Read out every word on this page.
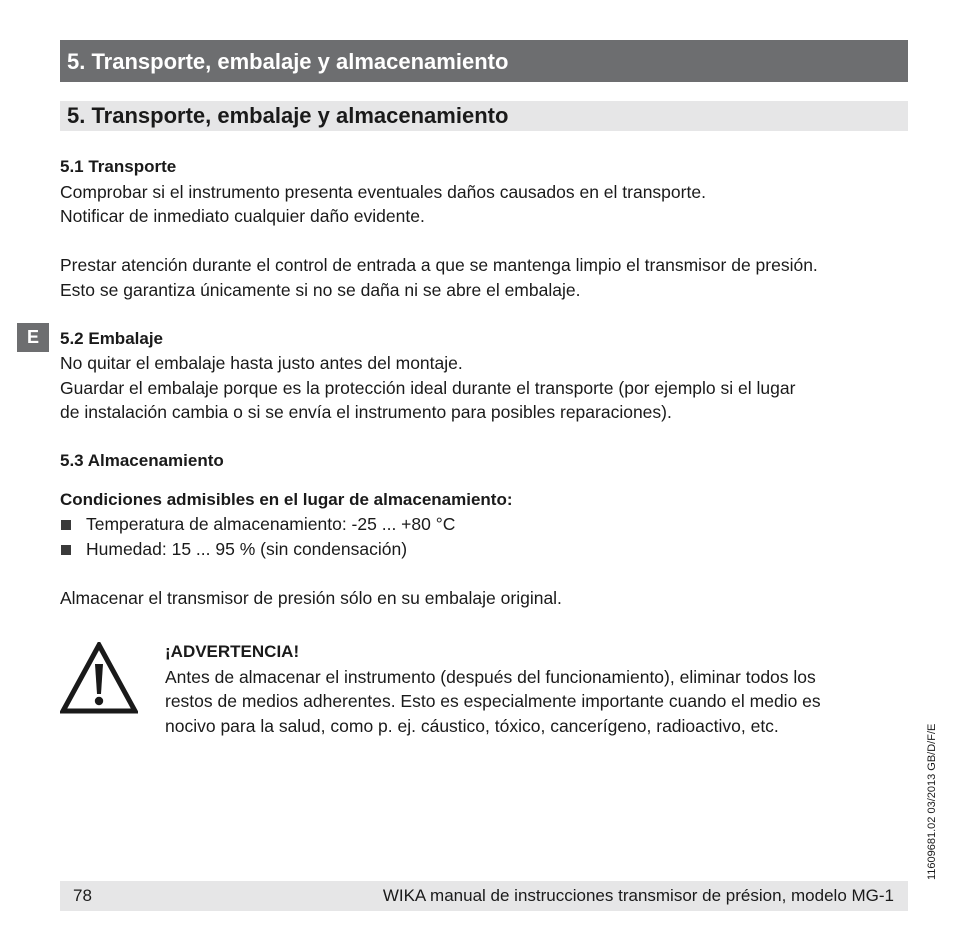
5. Transporte, embalaje y almacenamiento
5. Transporte, embalaje y almacenamiento
E

5.1 Transporte

Comprobar si el instrumento presenta eventuales daños causados en el transporte.

Notificar de inmediato cualquier daño evidente.

Prestar atención durante el control de entrada a que se mantenga limpio el transmisor de presión.

Esto se garantiza únicamente si no se daña ni se abre el embalaje.

5.2 Embalaje

No quitar el embalaje hasta justo antes del montaje.

Guardar el embalaje porque es la protección ideal durante el transporte (por ejemplo si el lugar

de instalación cambia o si se envía el instrumento para posibles reparaciones).

5.3 Almacenamiento

Condiciones admisibles en el lugar de almacenamiento:

Temperatura de almacenamiento: -25 ... +80 °C
Humedad: 15 ... 95 % (sin condensación)

Almacenar el transmisor de presión sólo en su embalaje original.

¡ADVERTENCIA!

Antes de almacenar el instrumento (después del funcionamiento), eliminar todos los

restos de medios adherentes. Esto es especialmente importante cuando el medio es

nocivo para la salud, como p. ej. cáustico, tóxico, cancerígeno, radioactivo, etc.	11609681.02 03/2013 GB/D/F/E
78	WIKA manual de instrucciones transmisor de présion, modelo MG-1
